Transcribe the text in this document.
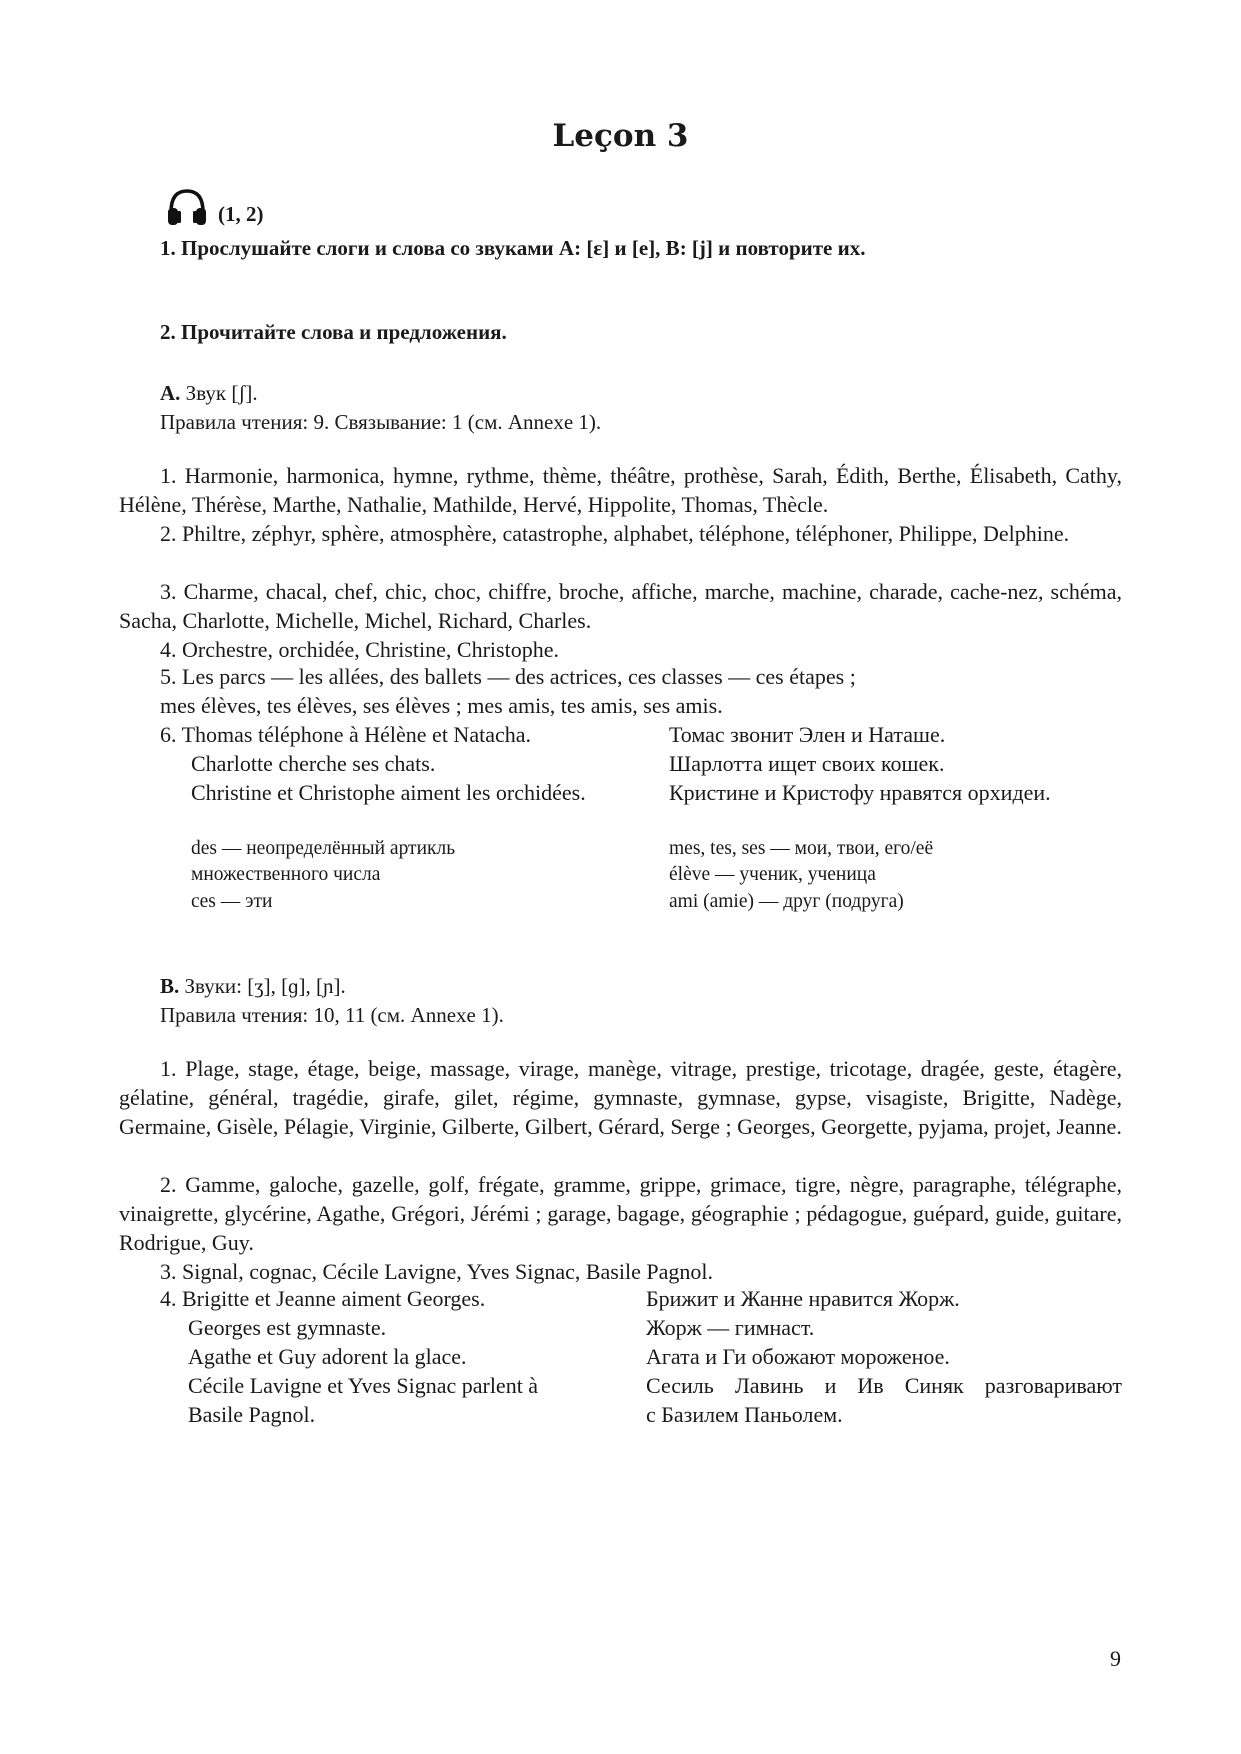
Leçon 3
(1, 2)
1. Прослушайте слоги и слова со звуками A: [ɛ] и [e], B: [j] и повторите их.
2. Прочитайте слова и предложения.
A. Звук [ʃ].
Правила чтения: 9. Связывание: 1 (см. Annexe 1).
1. Harmonie, harmonica, hymne, rythme, thème, théâtre, prothèse, Sarah, Édith, Berthe, Élisabeth, Cathy, Hélène, Thérèse, Marthe, Nathalie, Mathilde, Hervé, Hippolite, Thomas, Thècle.
2. Philtre, zéphyr, sphère, atmosphère, catastrophe, alphabet, téléphone, téléphoner, Philippe, Delphine.
3. Charme, chacal, chef, chic, choc, chiffre, broche, affiche, marche, machine, charade, cache-nez, schéma, Sacha, Charlotte, Michelle, Michel, Richard, Charles.
4. Orchestre, orchidée, Christine, Christophe.
5. Les parcs — les allées, des ballets — des actrices, ces classes — ces étapes ;
mes élèves, tes élèves, ses élèves ; mes amis, tes amis, ses amis.
6. Thomas téléphone à Hélène et Natacha.
Charlotte cherche ses chats.
Christine et Christophe aiment les orchidées.
Томас звонит Элен и Наташе.
Шарлотта ищет своих кошек.
Кристине и Кристофу нравятся орхидеи.
des — неопределённый артикль
множественного числа
ces — эти
mes, tes, ses — мои, твои, его/её
élève — ученик, ученица
ami (amie) — друг (подруга)
B. Звуки: [ʒ], [ɡ], [ɲ].
Правила чтения: 10, 11 (см. Annexe 1).
1. Plage, stage, étage, beige, massage, virage, manège, vitrage, prestige, tricotage, dragée, geste, étagère, gélatine, général, tragédie, girafe, gilet, régime, gymnaste, gymnase, gypse, visagiste, Brigitte, Nadège, Germaine, Gisèle, Pélagie, Virginie, Gilberte, Gilbert, Gérard, Serge ; Georges, Georgette, pyjama, projet, Jeanne.
2. Gamme, galoche, gazelle, golf, frégate, gramme, grippe, grimace, tigre, nègre, paragraphe, télégraphe, vinaigrette, glycérine, Agathe, Grégori, Jérémi ; garage, bagage, géographie ; pédagogue, guépard, guide, guitare, Rodrigue, Guy.
3. Signal, cognac, Cécile Lavigne, Yves Signac, Basile Pagnol.
4. Brigitte et Jeanne aiment Georges.
Georges est gymnaste.
Agathe et Guy adorent la glace.
Cécile Lavigne et Yves Signac parlent à
Basile Pagnol.
Брижит и Жанне нравится Жорж.
Жорж — гимнаст.
Агата и Ги обожают мороженое.
Сесиль Лавинь и Ив Синяк разговаривают
с Базилем Паньолем.
9
